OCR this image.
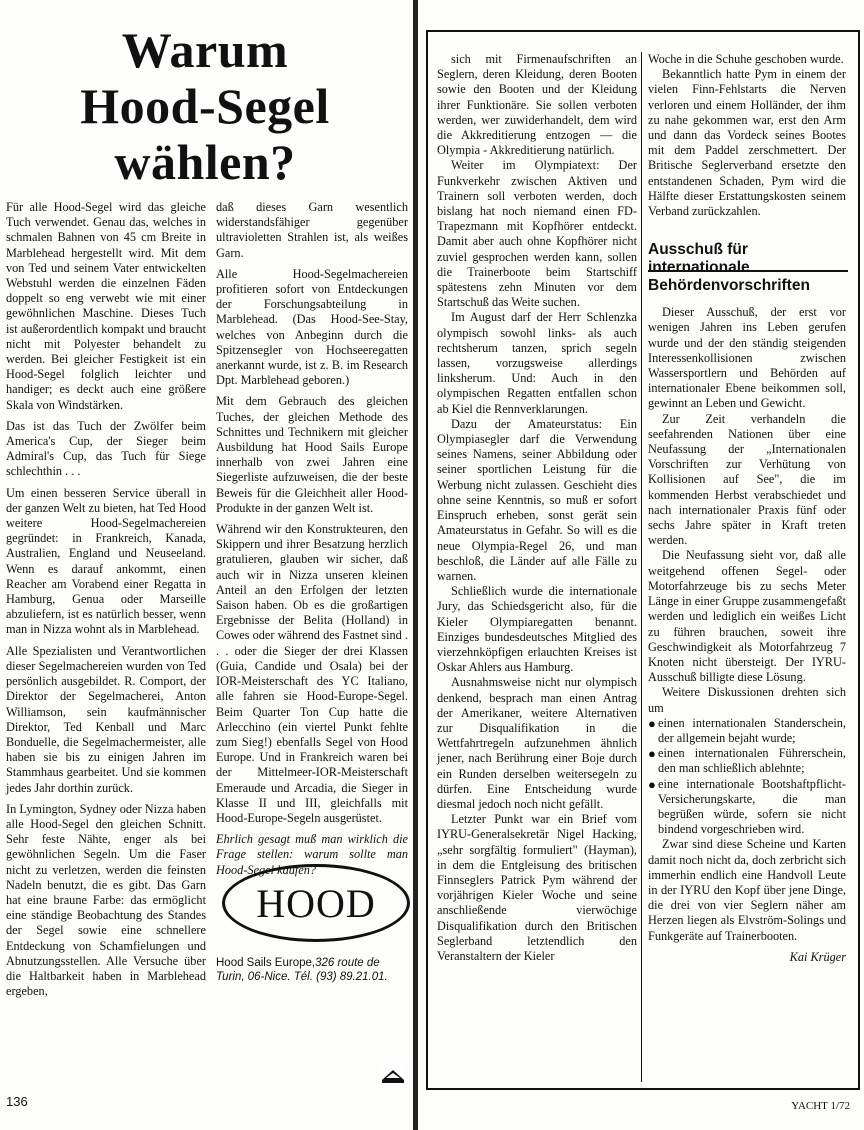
Warum
Hood-Segel
wählen?

Für alle Hood-Segel wird das gleiche Tuch verwendet. Genau das, welches in schmalen Bahnen von 45 cm Breite in Marblehead hergestellt wird. Mit dem von Ted und seinem Vater entwickelten Webstuhl werden die einzelnen Fäden doppelt so eng verwebt wie mit einer gewöhnlichen Maschine. Dieses Tuch ist außerordentlich kompakt und braucht nicht mit Polyester behandelt zu werden. Bei gleicher Festigkeit ist ein Hood-Segel folglich leichter und handiger; es deckt auch eine größere Skala von Windstärken.

Das ist das Tuch der Zwölfer beim America's Cup, der Sieger beim Admiral's Cup, das Tuch für Siege schlechthin . . .

Um einen besseren Service überall in der ganzen Welt zu bieten, hat Ted Hood weitere Hood-Segelmachereien gegründet: in Frankreich, Kanada, Australien, England und Neuseeland. Wenn es darauf ankommt, einen Reacher am Vorabend einer Regatta in Hamburg, Genua oder Marseille abzuliefern, ist es natürlich besser, wenn man in Nizza wohnt als in Marblehead.

Alle Spezialisten und Verantwortlichen dieser Segelmachereien wurden von Ted persönlich ausgebildet. R. Comport, der Direktor der Segelmacherei, Anton Williamson, sein kaufmännischer Direktor, Ted Kenball und Marc Bonduelle, die Segelmachermeister, alle haben sie bis zu einigen Jahren im Stammhaus gearbeitet. Und sie kommen jedes Jahr dorthin zurück.

In Lymington, Sydney oder Nizza haben alle Hood-Segel den gleichen Schnitt. Sehr feste Nähte, enger als bei gewöhnlichen Segeln. Um die Faser nicht zu verletzen, werden die feinsten Nadeln benutzt, die es gibt. Das Garn hat eine braune Farbe: das ermöglicht eine ständige Beobachtung des Standes der Segel sowie eine schnellere Entdeckung von Schamfielungen und Abnutzungsstellen. Alle Versuche über die Haltbarkeit haben in Marblehead ergeben,

daß dieses Garn wesentlich widerstandsfähiger gegenüber ultravioletten Strahlen ist, als weißes Garn.

Alle Hood-Segelmachereien profitieren sofort von Entdeckungen der Forschungsabteilung in Marblehead. (Das Hood-See-Stay, welches von Anbeginn durch die Spitzensegler von Hochseeregatten anerkannt wurde, ist z. B. im Research Dpt. Marblehead geboren.)

Mit dem Gebrauch des gleichen Tuches, der gleichen Methode des Schnittes und Technikern mit gleicher Ausbildung hat Hood Sails Europe innerhalb von zwei Jahren eine Siegerliste aufzuweisen, die der beste Beweis für die Gleichheit aller Hood-Produkte in der ganzen Welt ist.

Während wir den Konstrukteuren, den Skippern und ihrer Besatzung herzlich gratulieren, glauben wir sicher, daß auch wir in Nizza unseren kleinen Anteil an den Erfolgen der letzten Saison haben. Ob es die großartigen Ergebnisse der Belita (Holland) in Cowes oder während des Fastnet sind . . . oder die Sieger der drei Klassen (Guia, Candide und Osala) bei der IOR-Meisterschaft des YC Italiano, alle fahren sie Hood-Europe-Segel. Beim Quarter Ton Cup hatte die Arlecchino (ein viertel Punkt fehlte zum Sieg!) ebenfalls Segel von Hood Europe. Und in Frankreich waren bei der Mittelmeer-IOR-Meisterschaft Emeraude und Arcadia, die Sieger in Klasse II und III, gleichfalls mit Hood-Europe-Segeln ausgerüstet.

Ehrlich gesagt muß man wirklich die Frage stellen: warum sollte man Hood-Segel kaufen?

HOOD
Hood Sails Europe,326 route de Turin, 06-Nice. Tél. (93) 89.21.01.

sich mit Firmenaufschriften an Seglern, deren Kleidung, deren Booten sowie den Booten und der Kleidung ihrer Funktionäre. Sie sollen verboten werden, wer zuwiderhandelt, dem wird die Akkreditierung entzogen — die Olympia - Akkreditierung natürlich.

Weiter im Olympiatext: Der Funkverkehr zwischen Aktiven und Trainern soll verboten werden, doch bislang hat noch niemand einen FD-Trapezmann mit Kopfhörer entdeckt. Damit aber auch ohne Kopfhörer nicht zuviel gesprochen werden kann, sollen die Trainerboote beim Startschiff spätestens zehn Minuten vor dem Startschuß das Weite suchen.

Im August darf der Herr Schlenzka olympisch sowohl links- als auch rechtsherum tanzen, sprich segeln lassen, vorzugsweise allerdings linksherum. Und: Auch in den olympischen Regatten entfallen schon ab Kiel die Rennverklarungen.

Dazu der Amateurstatus: Ein Olympiasegler darf die Verwendung seines Namens, seiner Abbildung oder seiner sportlichen Leistung für die Werbung nicht zulassen. Geschieht dies ohne seine Kenntnis, so muß er sofort Einspruch erheben, sonst gerät sein Amateurstatus in Gefahr. So will es die neue Olympia-Regel 26, und man beschloß, die Länder auf alle Fälle zu warnen.

Schließlich wurde die internationale Jury, das Schiedsgericht also, für die Kieler Olympiaregatten benannt. Einziges bundesdeutsches Mitglied des vierzehnköpfigen erlauchten Kreises ist Oskar Ahlers aus Hamburg.

Ausnahmsweise nicht nur olympisch denkend, besprach man einen Antrag der Amerikaner, weitere Alternativen zur Disqualifikation in die Wettfahrtregeln aufzunehmen ähnlich jener, nach Berührung einer Boje durch ein Runden derselben weitersegeln zu dürfen. Eine Entscheidung wurde diesmal jedoch noch nicht gefällt.

Letzter Punkt war ein Brief vom IYRU-Generalsekretär Nigel Hacking, „sehr sorgfältig formuliert" (Hayman), in dem die Entgleisung des britischen Finnseglers Patrick Pym während der vorjährigen Kieler Woche und seine anschließende vierwöchige Disqualifikation durch den Britischen Seglerband letztendlich den Veranstaltern der Kieler

Woche in die Schuhe geschoben wurde.

Bekanntlich hatte Pym in einem der vielen Finn-Fehlstarts die Nerven verloren und einem Holländer, der ihm zu nahe gekommen war, erst den Arm und dann das Vordeck seines Bootes mit dem Paddel zerschmettert. Der Britische Seglerverband ersetzte den entstandenen Schaden, Pym wird die Hälfte dieser Erstattungskosten seinem Verband zurückzahlen.

Ausschuß für internationale Behördenvorschriften

Dieser Ausschuß, der erst vor wenigen Jahren ins Leben gerufen wurde und der den ständig steigenden Interessenkollisionen zwischen Wassersportlern und Behörden auf internationaler Ebene beikommen soll, gewinnt an Leben und Gewicht.

Zur Zeit verhandeln die seefahrenden Nationen über eine Neufassung der „Internationalen Vorschriften zur Verhütung von Kollisionen auf See", die im kommenden Herbst verabschiedet und nach internationaler Praxis fünf oder sechs Jahre später in Kraft treten werden.

Die Neufassung sieht vor, daß alle weitgehend offenen Segel- oder Motorfahrzeuge bis zu sechs Meter Länge in einer Gruppe zusammengefaßt werden und lediglich ein weißes Licht zu führen brauchen, soweit ihre Geschwindigkeit als Motorfahrzeug 7 Knoten nicht übersteigt. Der IYRU-Ausschuß billigte diese Lösung.

Weitere Diskussionen drehten sich um

● einen internationalen Standerschein, der allgemein bejaht wurde;
● einen internationalen Führerschein, den man schließlich ablehnte;
● eine internationale Bootshaftpflicht-Versicherungskarte, die man begrüßen würde, sofern sie nicht bindend vorgeschrieben wird.

Zwar sind diese Scheine und Karten damit noch nicht da, doch zerbricht sich immerhin endlich eine Handvoll Leute in der IYRU den Kopf über jene Dinge, die drei von vier Seglern näher am Herzen liegen als Elvström-Solings und Funkgeräte auf Trainerbooten.

Kai Krüger

136	YACHT 1/72
